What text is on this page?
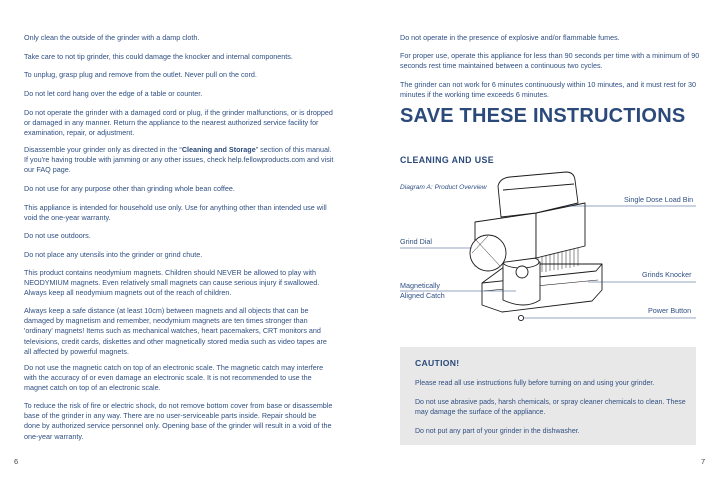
Only clean the outside of the grinder with a damp cloth.

Take care to not tip grinder, this could damage the knocker and internal components.

To unplug, grasp plug and remove from the outlet. Never pull on the cord.

Do not let cord hang over the edge of a table or counter.

Do not operate the grinder with a damaged cord or plug, if the grinder malfunctions, or is dropped or damaged in any manner. Return the appliance to the nearest authorized service facility for examination, repair, or adjustment.

Disassemble your grinder only as directed in the “Cleaning and Storage” section of this manual. If you're having trouble with jamming or any other issues, check help.fellowproducts.com and visit our FAQ page.

Do not use for any purpose other than grinding whole bean coffee.

This appliance is intended for household use only. Use for anything other than intended use will void the one-year warranty.

Do not use outdoors.

Do not place any utensils into the grinder or grind chute.

This product contains neodymium magnets. Children should NEVER be allowed to play with NEODYMIUM magnets. Even relatively small magnets can cause serious injury if swallowed. Always keep all neodymium magnets out of the reach of children.

Always keep a safe distance (at least 10cm) between magnets and all objects that can be damaged by magnetism and remember, neodymium magnets are ten times stronger than 'ordinary' magnets! Items such as mechanical watches, heart pacemakers, CRT monitors and televisions, credit cards, diskettes and other magnetically stored media such as video tapes are all affected by powerful magnets.

Do not use the magnetic catch on top of an electronic scale. The magnetic catch may interfere with the accuracy of or even damage an electronic scale. It is not recommended to use the magnet catch on top of an electronic scale.

To reduce the risk of fire or electric shock, do not remove bottom cover from base or disassemble base of the grinder in any way. There are no user-serviceable parts inside. Repair should be done by authorized service personnel only. Opening base of the grinder will result in a void of the one-year warranty.

6

Do not operate in the presence of explosive and/or flammable fumes.

For proper use, operate this appliance for less than 90 seconds per time with a minimum of 90 seconds rest time maintained between a continuous two cycles.

The grinder can not work for 6 minutes continuously within 10 minutes, and it must rest for 30 minutes if the working time exceeds 6 minutes.

SAVE THESE INSTRUCTIONS
CLEANING AND USE

Diagram A: Product Overview

Single Dose Load Bin

Grind Dial

Grinds Knocker

Magnetically

Aligned Catch

Power Button

CAUTION!

Please read all use instructions fully before turning on and using your grinder.

Do not use abrasive pads, harsh chemicals, or spray cleaner chemicals to clean. These may damage the surface of the appliance.

Do not put any part of your grinder in the dishwasher.

7
